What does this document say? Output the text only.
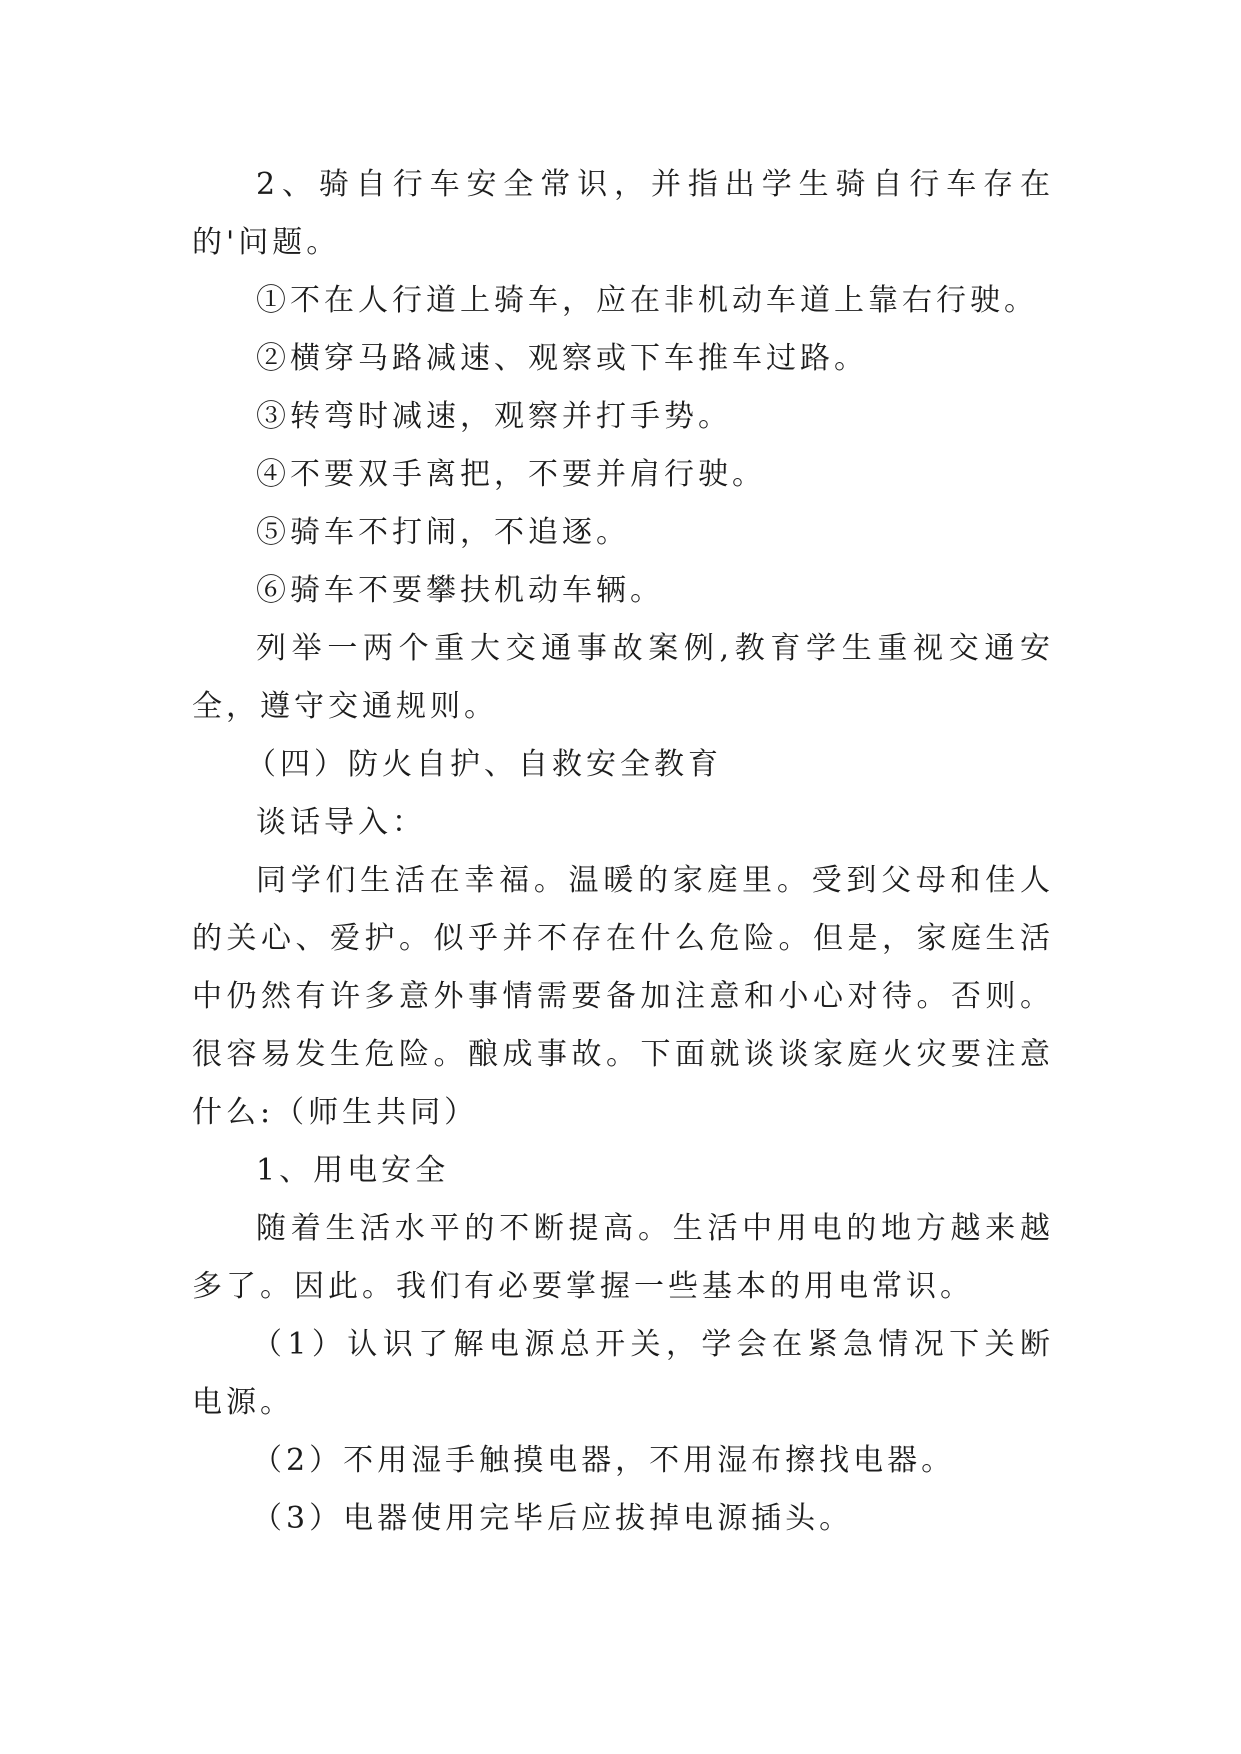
2、骑自行车安全常识，并指出学生骑自行车存在的'问题。

①不在人行道上骑车，应在非机动车道上靠右行驶。

②横穿马路减速、观察或下车推车过路。

③转弯时减速，观察并打手势。

④不要双手离把，不要并肩行驶。

⑤骑车不打闹，不追逐。

⑥骑车不要攀扶机动车辆。

列举一两个重大交通事故案例,教育学生重视交通安全，遵守交通规则。

（四）防火自护、自救安全教育

谈话导入：

同学们生活在幸福。温暖的家庭里。受到父母和佳人的关心、爱护。似乎并不存在什么危险。但是，家庭生活中仍然有许多意外事情需要备加注意和小心对待。否则。很容易发生危险。酿成事故。下面就谈谈家庭火灾要注意什么:（师生共同）

1、用电安全

随着生活水平的不断提高。生活中用电的地方越来越多了。因此。我们有必要掌握一些基本的用电常识。

（1）认识了解电源总开关，学会在紧急情况下关断电源。

（2）不用湿手触摸电器，不用湿布擦找电器。

（3）电器使用完毕后应拔掉电源插头。
